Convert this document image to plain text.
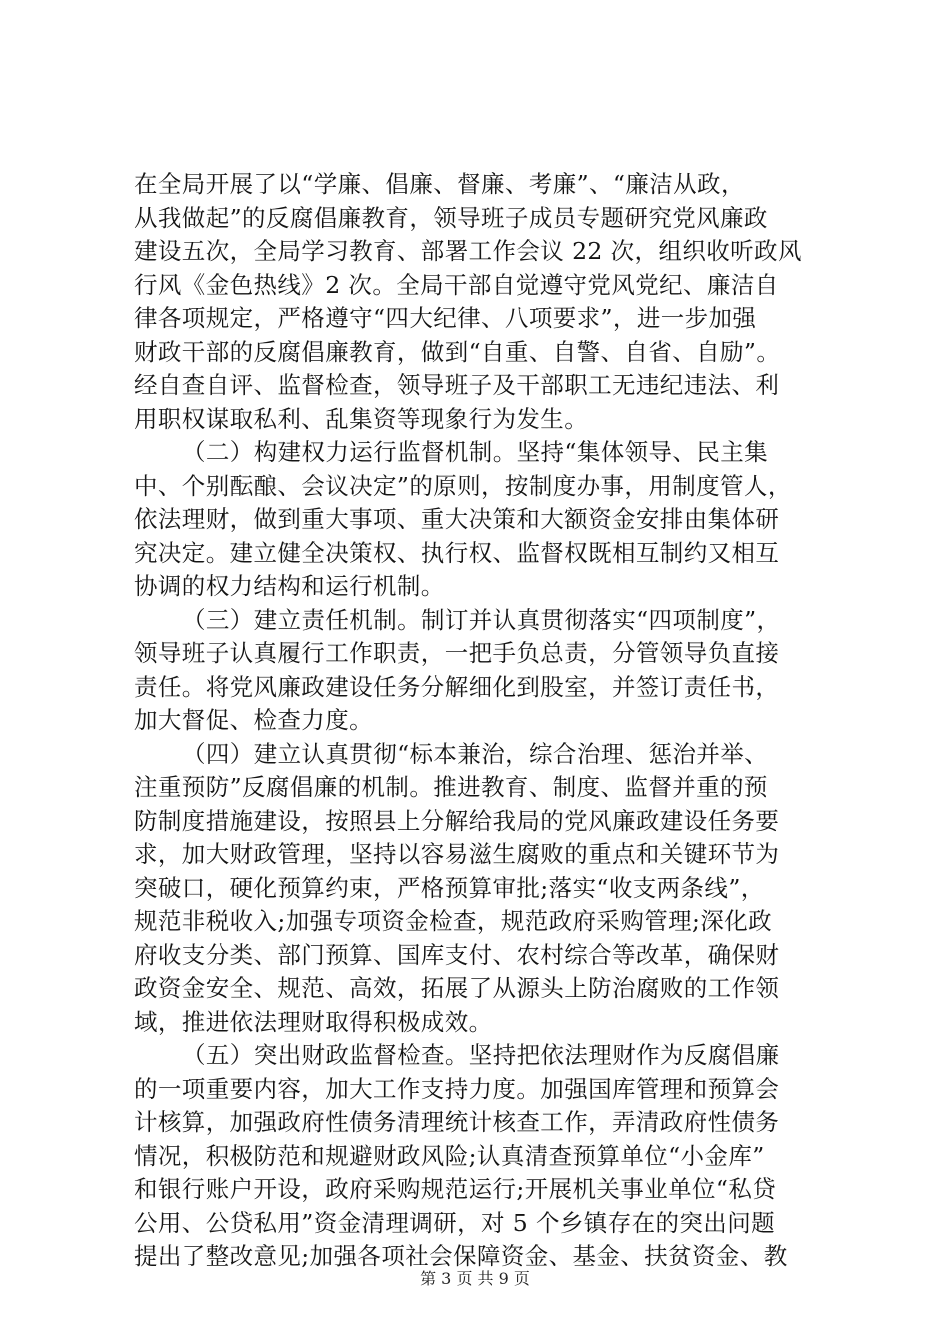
在全局开展了以“学廉、倡廉、督廉、考廉”、“廉洁从政，
从我做起”的反腐倡廉教育，领导班子成员专题研究党风廉政
建设五次，全局学习教育、部署工作会议 22 次，组织收听政风
行风《金色热线》2 次。全局干部自觉遵守党风党纪、廉洁自
律各项规定，严格遵守“四大纪律、八项要求”，进一步加强
财政干部的反腐倡廉教育，做到“自重、自警、自省、自励”。
经自查自评、监督检查，领导班子及干部职工无违纪违法、利
用职权谋取私利、乱集资等现象行为发生。
（二）构建权力运行监督机制。坚持“集体领导、民主集
中、个别酝酿、会议决定”的原则，按制度办事，用制度管人，
依法理财，做到重大事项、重大决策和大额资金安排由集体研
究决定。建立健全决策权、执行权、监督权既相互制约又相互
协调的权力结构和运行机制。
（三）建立责任机制。制订并认真贯彻落实“四项制度”，
领导班子认真履行工作职责，一把手负总责，分管领导负直接
责任。将党风廉政建设任务分解细化到股室，并签订责任书，
加大督促、检查力度。
（四）建立认真贯彻“标本兼治，综合治理、惩治并举、
注重预防”反腐倡廉的机制。推进教育、制度、监督并重的预
防制度措施建设，按照县上分解给我局的党风廉政建设任务要
求，加大财政管理，坚持以容易滋生腐败的重点和关键环节为
突破口，硬化预算约束，严格预算审批;落实“收支两条线”，
规范非税收入;加强专项资金检查，规范政府采购管理;深化政
府收支分类、部门预算、国库支付、农村综合等改革，确保财
政资金安全、规范、高效，拓展了从源头上防治腐败的工作领
域，推进依法理财取得积极成效。
（五）突出财政监督检查。坚持把依法理财作为反腐倡廉
的一项重要内容，加大工作支持力度。加强国库管理和预算会
计核算，加强政府性债务清理统计核查工作，弄清政府性债务
情况，积极防范和规避财政风险;认真清查预算单位“小金库”
和银行账户开设，政府采购规范运行;开展机关事业单位“私贷
公用、公贷私用”资金清理调研，对 5 个乡镇存在的突出问题
提出了整改意见;加强各项社会保障资金、基金、扶贫资金、教
第 3 页 共 9 页
